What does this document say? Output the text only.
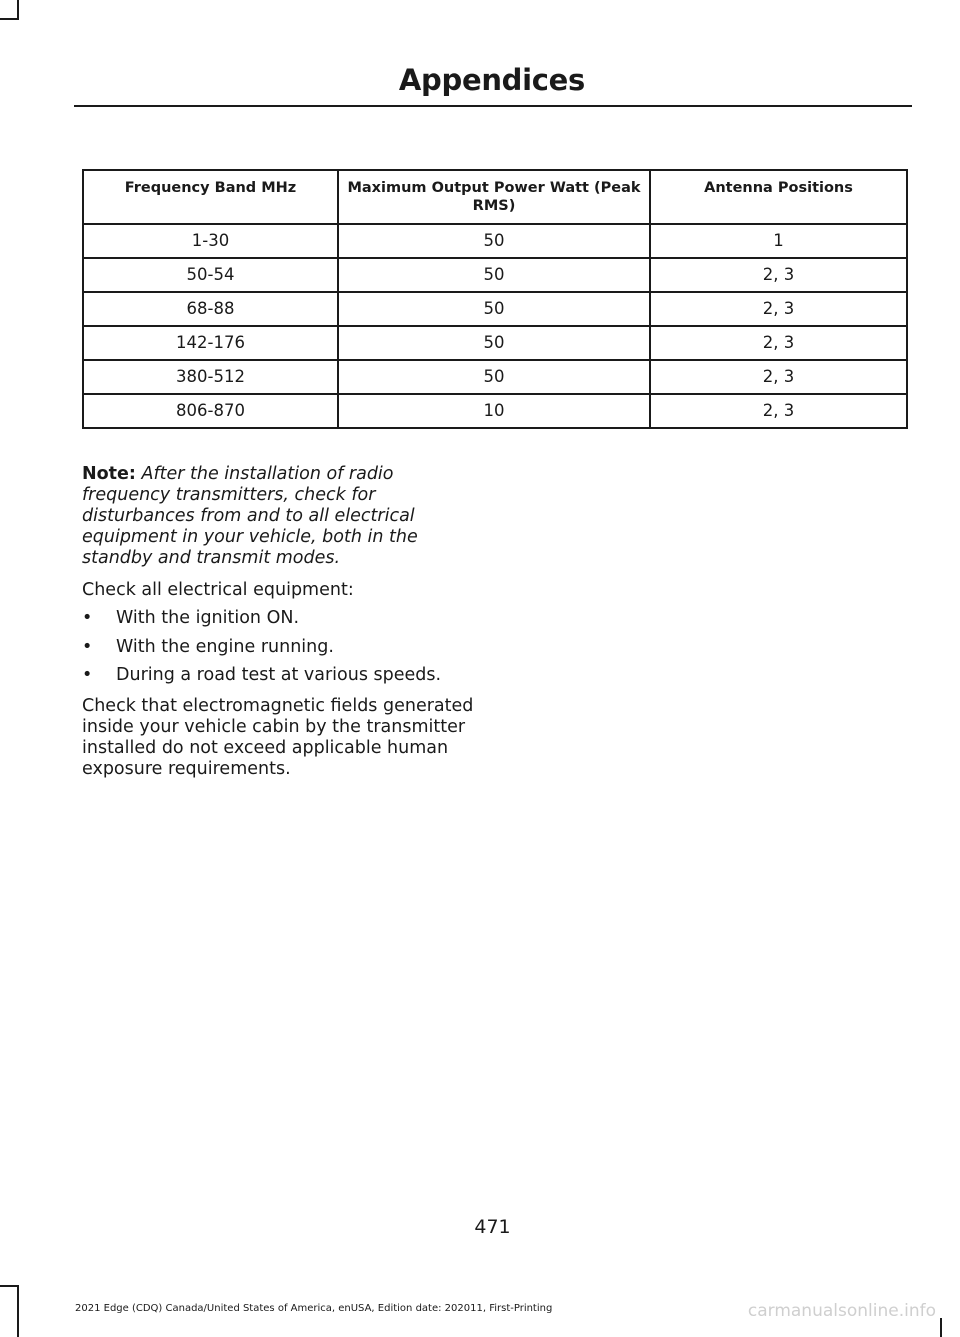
Appendices
Frequency Band MHz	Maximum Output Power Watt (Peak RMS)	Antenna Positions
1-30	50	1
50-54	50	2, 3
68-88	50	2, 3
142-176	50	2, 3
380-512	50	2, 3
806-870	10	2, 3
Note: After the installation of radio frequency transmitters, check for disturbances from and to all electrical equipment in your vehicle, both in the standby and transmit modes.
Check all electrical equipment:
• With the ignition ON.
• With the engine running.
• During a road test at various speeds.
Check that electromagnetic fields generated inside your vehicle cabin by the transmitter installed do not exceed applicable human exposure requirements.
471
2021 Edge (CDQ) Canada/United States of America, enUSA, Edition date: 202011, First-Printing	carmanualsonline.info
